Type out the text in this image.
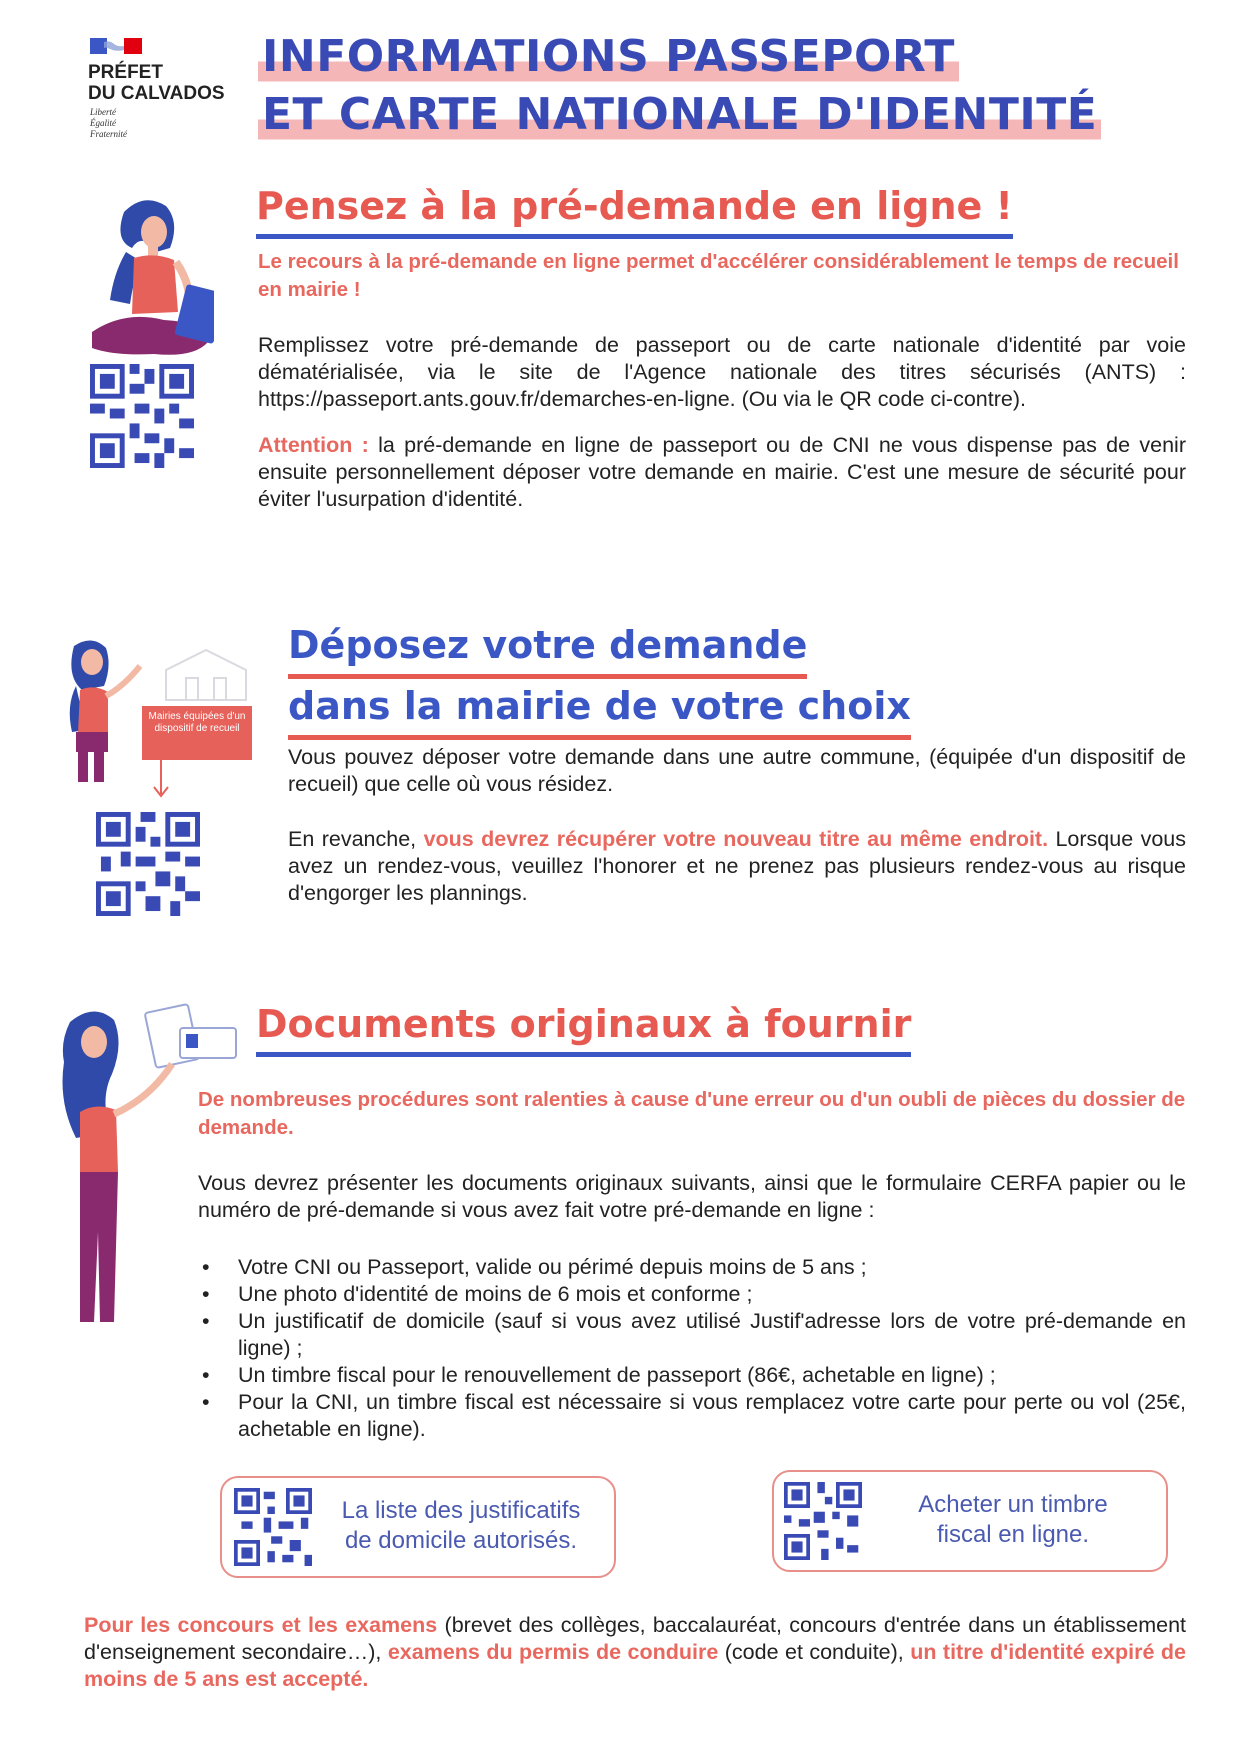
PRÉFET
DU CALVADOS
Liberté
Égalité
Fraternité
INFORMATIONS PASSEPORT
ET CARTE NATIONALE D'IDENTITÉ
Pensez à la pré-demande en ligne !
Le recours à la pré-demande en ligne permet d'accélérer considérablement le temps de recueil en mairie !
Remplissez votre pré-demande de passeport ou de carte nationale d'identité par voie dématérialisée, via le site de l'Agence nationale des titres sécurisés (ANTS) : https://passeport.ants.gouv.fr/demarches-en-ligne. (Ou via le QR code ci-contre).
Attention : la pré-demande en ligne de passeport ou de CNI ne vous dispense pas de venir ensuite personnellement déposer votre demande en mairie. C'est une mesure de sécurité pour éviter l'usurpation d'identité.
Mairies équipées d'un dispositif de recueil
Déposez votre demande
dans la mairie de votre choix
Vous pouvez déposer votre demande dans une autre commune, (équipée d'un dispositif de recueil) que celle où vous résidez.
En revanche, vous devrez récupérer votre nouveau titre au même endroit. Lorsque vous avez un rendez-vous, veuillez l'honorer et ne prenez pas plusieurs rendez-vous au risque d'engorger les plannings.
Documents originaux à fournir
De nombreuses procédures sont ralenties à cause d'une erreur ou d'un oubli de pièces du dossier de demande.
Vous devrez présenter les documents originaux suivants, ainsi que le formulaire CERFA papier ou le numéro de pré-demande si vous avez fait votre pré-demande en ligne :
• Votre CNI ou Passeport, valide ou périmé depuis moins de 5 ans ;
• Une photo d'identité de moins de 6 mois et conforme ;
• Un justificatif de domicile (sauf si vous avez utilisé Justif'adresse lors de votre pré-demande en ligne) ;
• Un timbre fiscal pour le renouvellement de passeport (86€, achetable en ligne) ;
• Pour la CNI, un timbre fiscal est nécessaire si vous remplacez votre carte pour perte ou vol (25€, achetable en ligne).
La liste des justificatifs
de domicile autorisés.
Acheter un timbre
fiscal en ligne.
Pour les concours et les examens (brevet des collèges, baccalauréat, concours d'entrée dans un établissement d'enseignement secondaire…), examens du permis de conduire (code et conduite), un titre d'identité expiré de moins de 5 ans est accepté.
